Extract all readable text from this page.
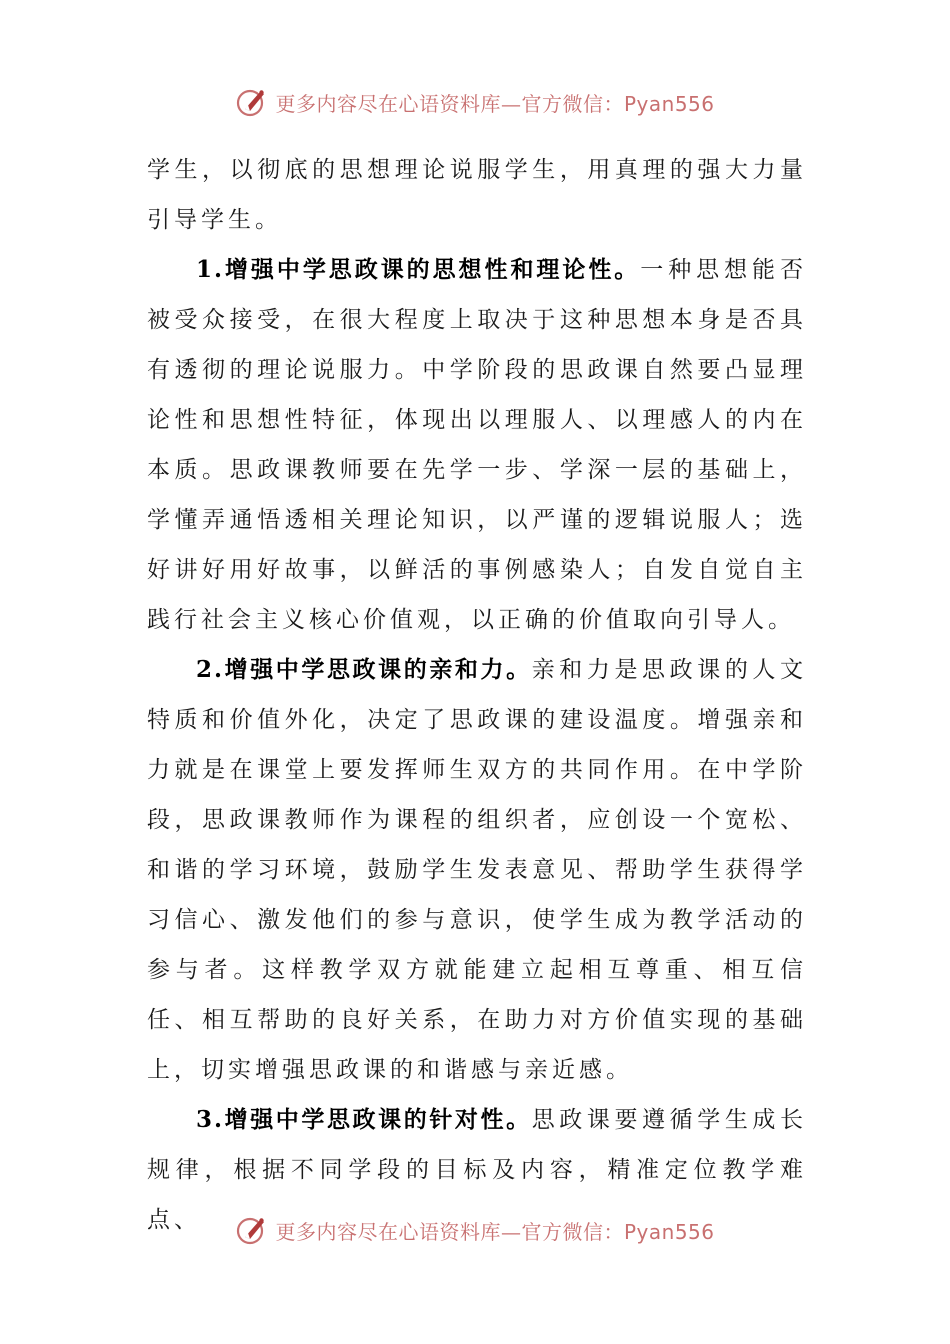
更多内容尽在心语资料库—官方微信：Pyan556

学生，以彻底的思想理论说服学生，用真理的强大力量引导学生。

1.增强中学思政课的思想性和理论性。一种思想能否被受众接受，在很大程度上取决于这种思想本身是否具有透彻的理论说服力。中学阶段的思政课自然要凸显理论性和思想性特征，体现出以理服人、以理感人的内在本质。思政课教师要在先学一步、学深一层的基础上，学懂弄通悟透相关理论知识，以严谨的逻辑说服人；选好讲好用好故事，以鲜活的事例感染人；自发自觉自主践行社会主义核心价值观，以正确的价值取向引导人。

2.增强中学思政课的亲和力。亲和力是思政课的人文特质和价值外化，决定了思政课的建设温度。增强亲和力就是在课堂上要发挥师生双方的共同作用。在中学阶段，思政课教师作为课程的组织者，应创设一个宽松、和谐的学习环境，鼓励学生发表意见、帮助学生获得学习信心、激发他们的参与意识，使学生成为教学活动的参与者。这样教学双方就能建立起相互尊重、相互信任、相互帮助的良好关系，在助力对方价值实现的基础上，切实增强思政课的和谐感与亲近感。

3.增强中学思政课的针对性。思政课要遵循学生成长规律，根据不同学段的目标及内容，精准定位教学难点、	更多内容尽在心语资料库—官方微信：Pyan556
